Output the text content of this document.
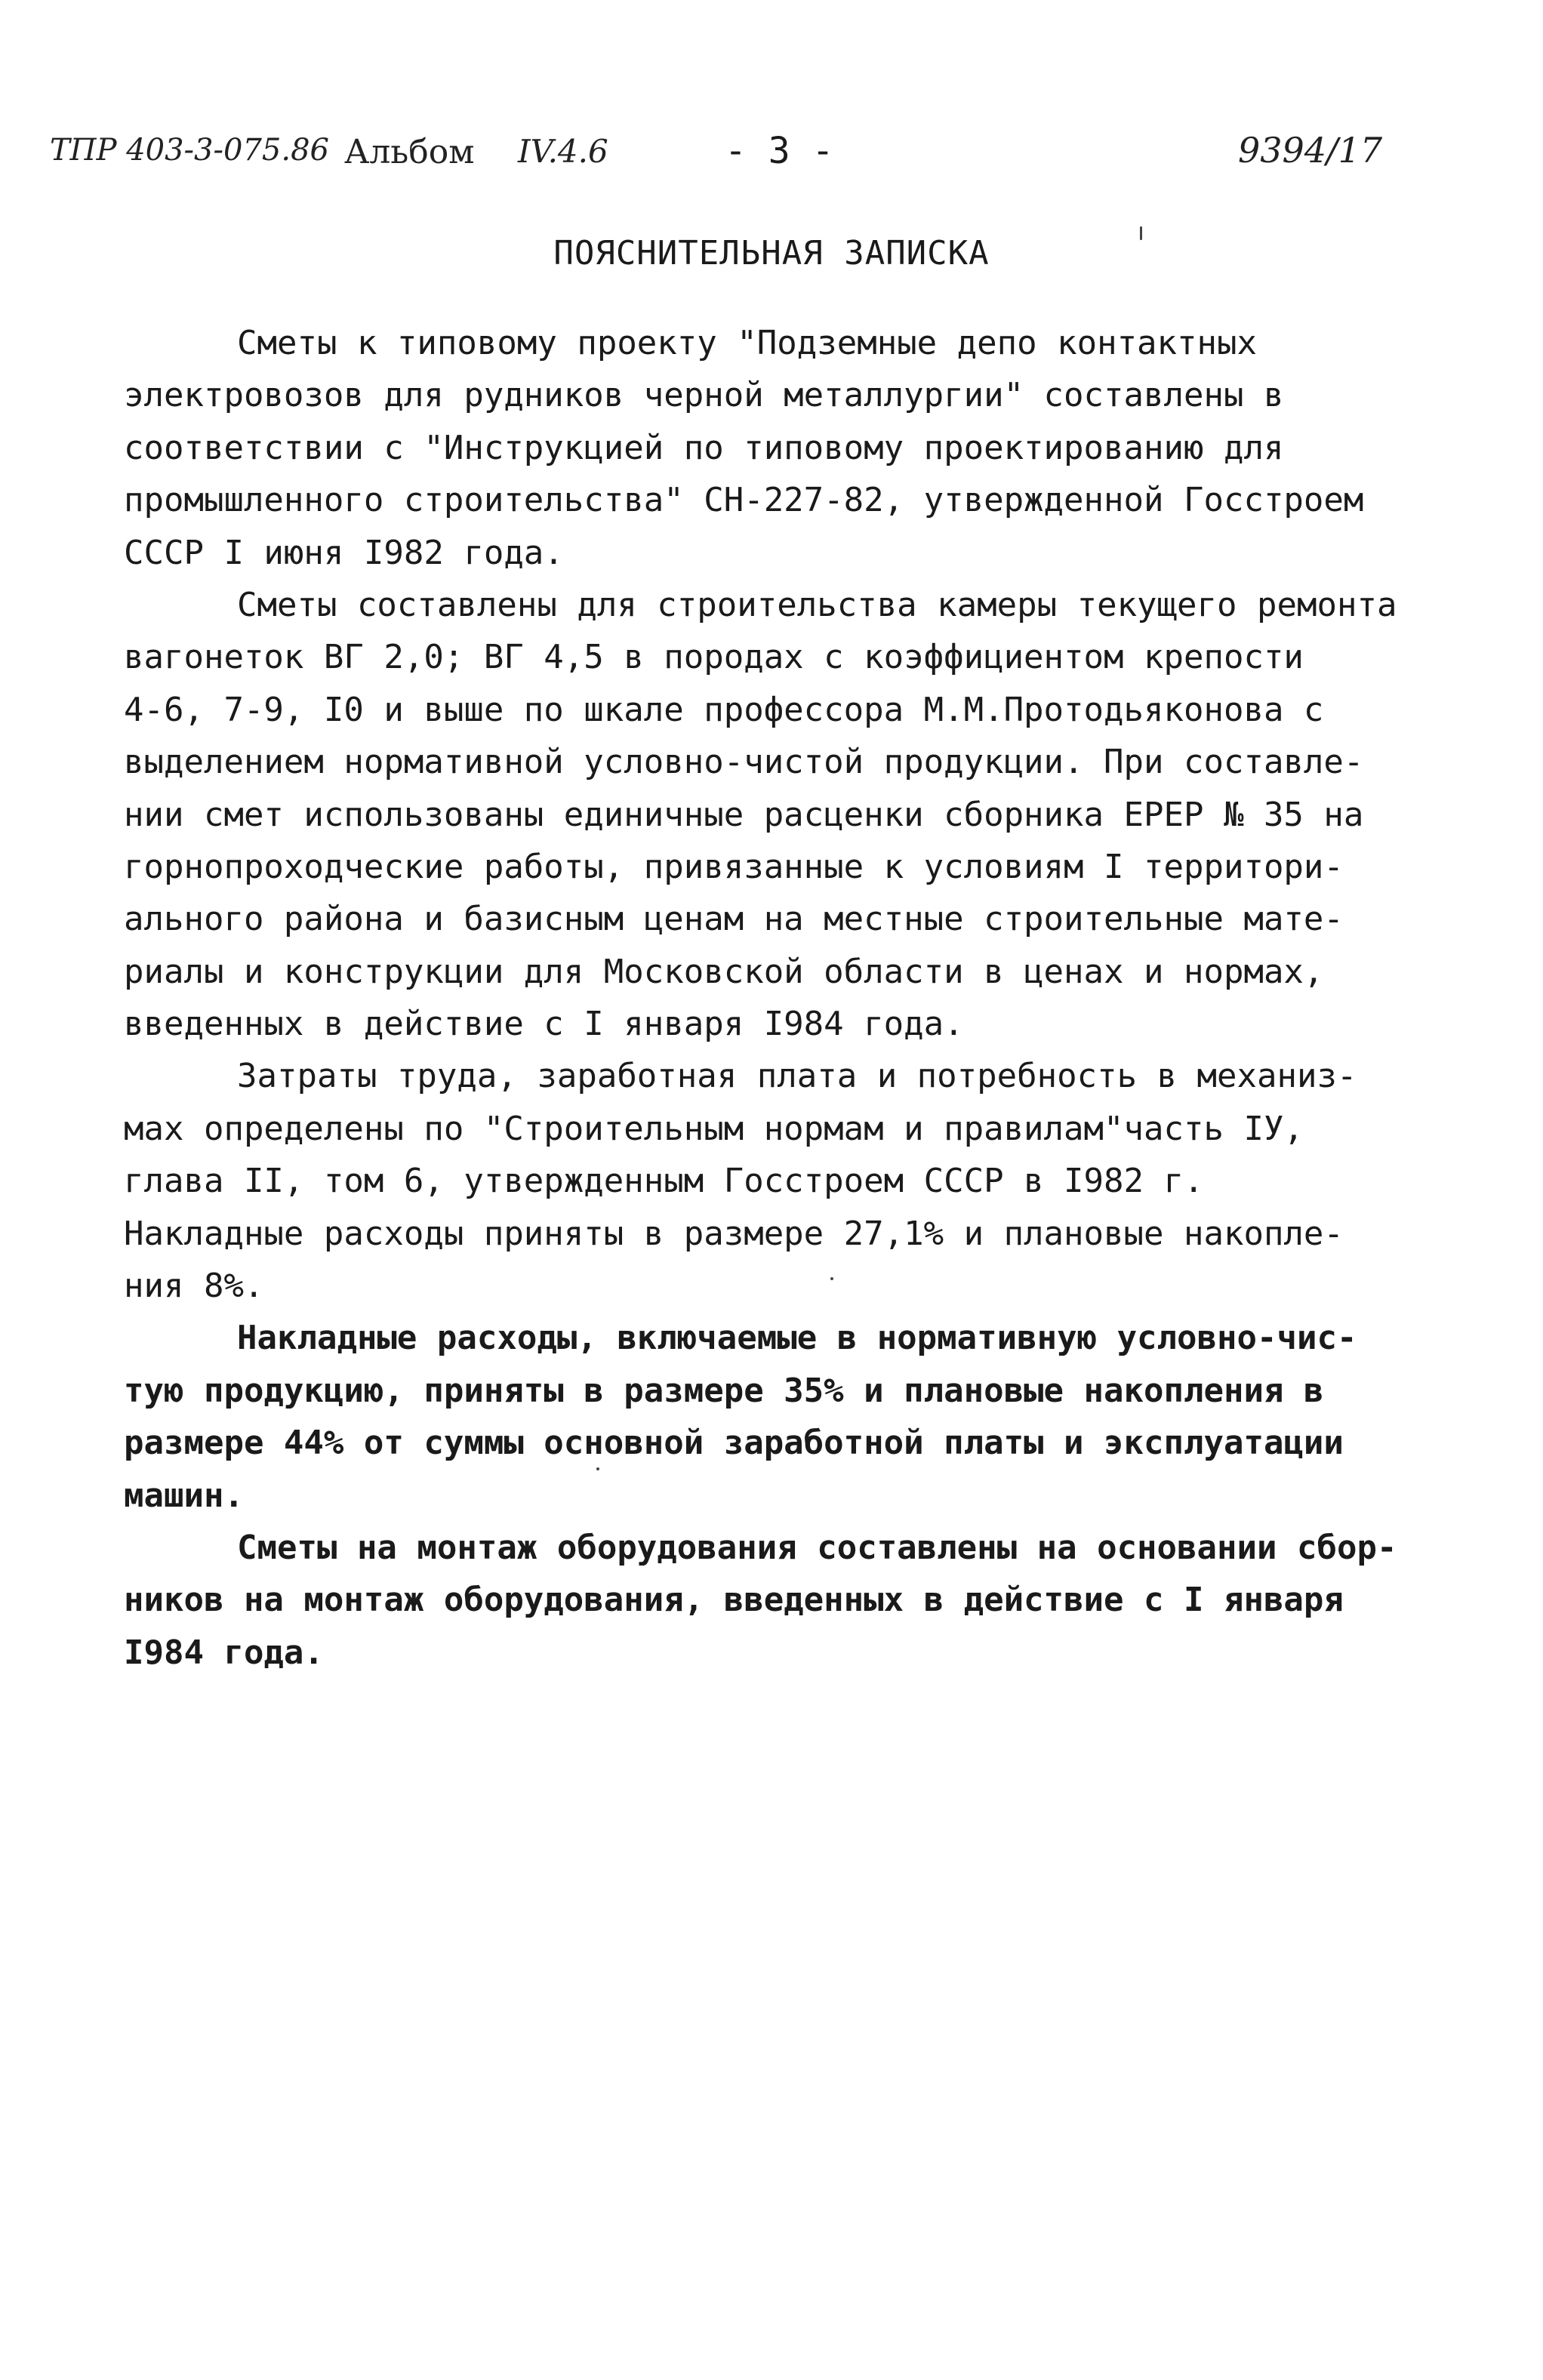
ТПР 403-3-075.86 Альбом IV.4.6	- 3 -	9394/17
ПОЯСНИТЕЛЬНАЯ ЗАПИСКА
Сметы к типовому проекту "Подземные депо контактных
электровозов для рудников черной металлургии" составлены в
соответствии с "Инструкцией по типовому проектированию для
промышленного строительства" СН-227-82, утвержденной Госстроем
СССР I июня I982 года.
Сметы составлены для строительства камеры текущего ремонта
вагонеток ВГ 2,0; ВГ 4,5 в породах с коэффициентом крепости
4-6, 7-9, I0 и выше по шкале профессора М.М.Протодьяконова с
выделением нормативной условно-чистой продукции. При составле-
нии смет использованы единичные расценки сборника ЕРЕР № 35 на
горнопроходческие работы, привязанные к условиям I территори-
ального района и базисным ценам на местные строительные мате-
риалы и конструкции для Московской области в ценах и нормах,
введенных в действие с I января I984 года.
Затраты труда, заработная плата и потребность в механиз-
мах определены по "Строительным нормам и правилам"часть IУ,
глава II, том 6, утвержденным Госстроем СССР в I982 г.
Накладные расходы приняты в размере 27,1% и плановые накопле-
ния 8%.
Накладные расходы, включаемые в нормативную условно-чис-
тую продукцию, приняты в размере 35% и плановые накопления в
размере 44% от суммы основной заработной платы и эксплуатации
машин.
Сметы на монтаж оборудования составлены на основании сбор-
ников на монтаж оборудования, введенных в действие с I января
I984 года.
